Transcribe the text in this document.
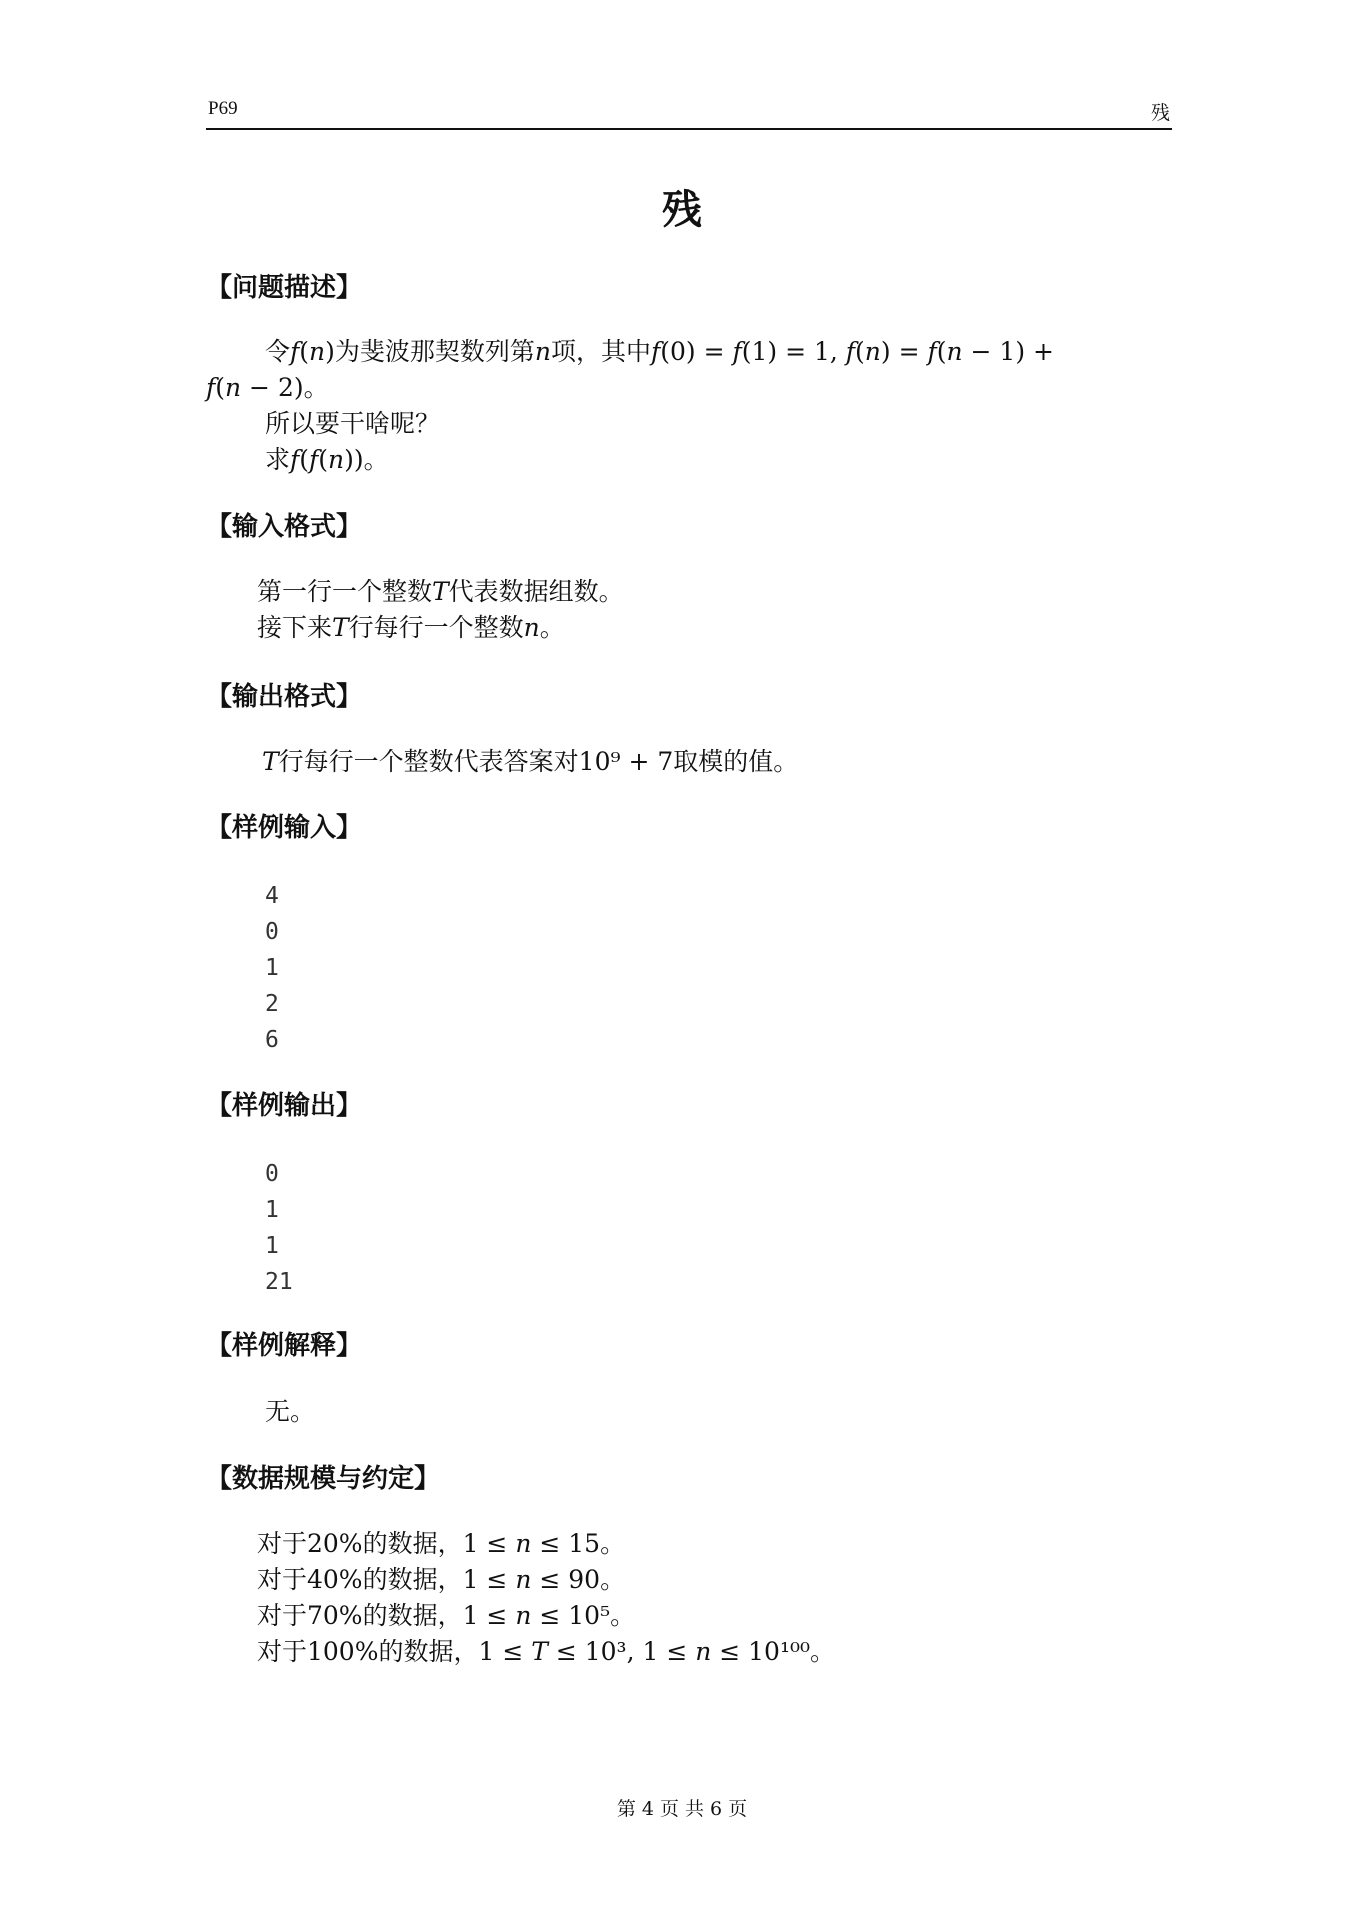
P69	残
残
【问题描述】
令𝑓(𝑛)为斐波那契数列第𝑛项，其中𝑓(0) = 𝑓(1) = 1, 𝑓(𝑛) = 𝑓(𝑛 − 1) +
𝑓(𝑛 − 2)。
所以要干啥呢？
求𝑓(𝑓(𝑛))。
【输入格式】
第一行一个整数𝑇代表数据组数。
接下来𝑇行每行一个整数𝑛。
【输出格式】
𝑇行每行一个整数代表答案对10⁹ + 7取模的值。
【样例输入】
4
0
1
2
6
【样例输出】
0
1
1
21
【样例解释】
无。
【数据规模与约定】
对于20%的数据，1 ≤ 𝑛 ≤ 15。
对于40%的数据，1 ≤ 𝑛 ≤ 90。
对于70%的数据，1 ≤ 𝑛 ≤ 10⁵。
对于100%的数据，1 ≤ 𝑇 ≤ 10³, 1 ≤ 𝑛 ≤ 10¹⁰⁰。
第 4 页 共 6 页
